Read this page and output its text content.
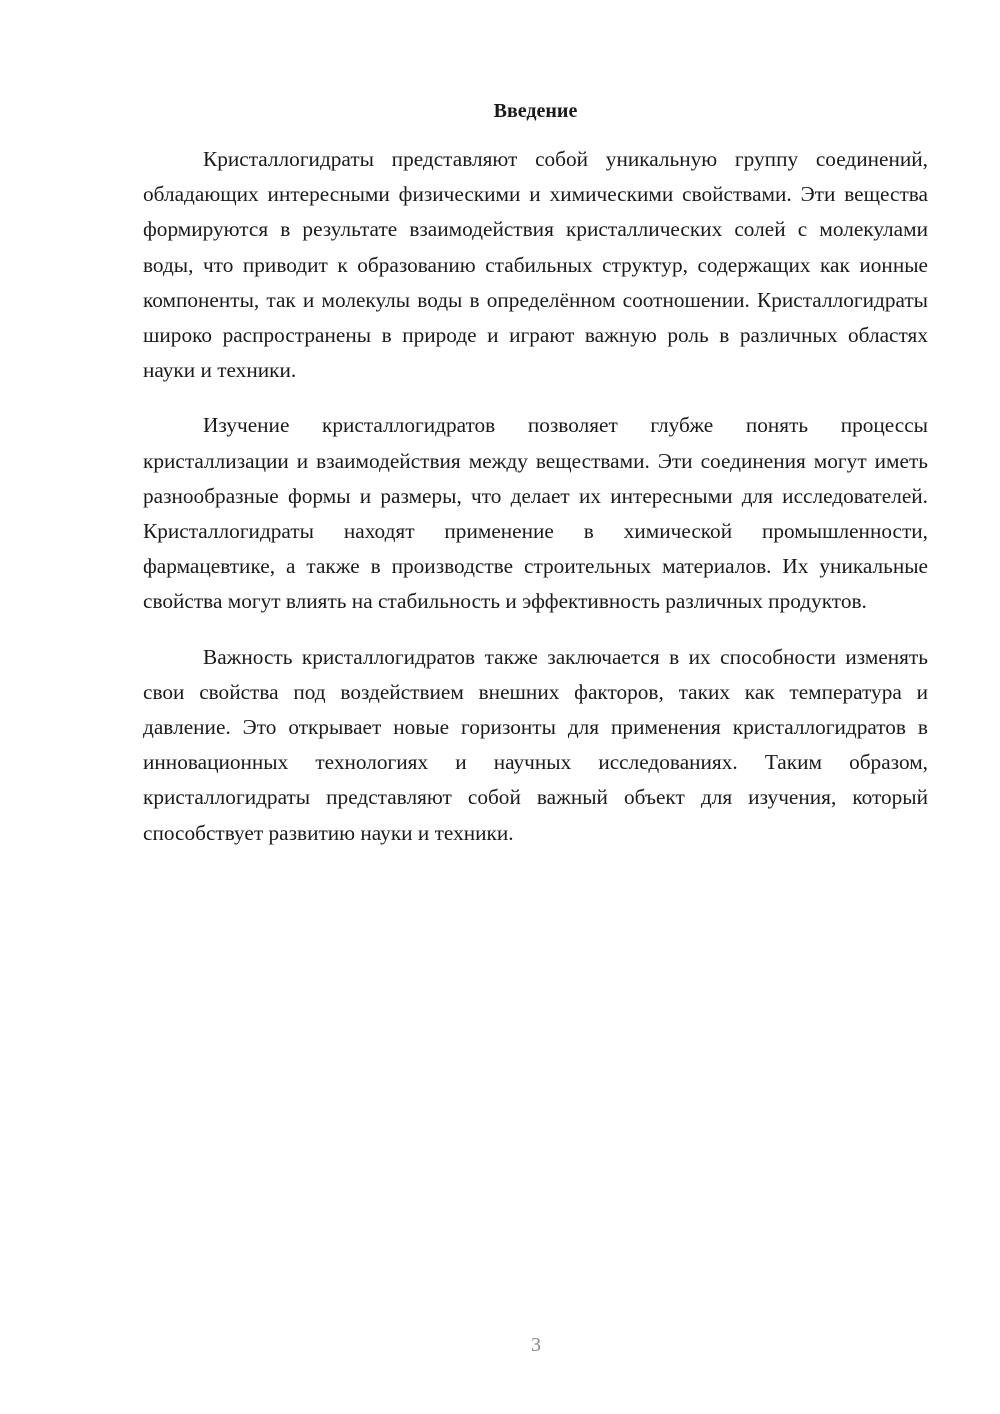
Введение

Кристаллогидраты представляют собой уникальную группу соединений, обладающих интересными физическими и химическими свойствами. Эти вещества формируются в результате взаимодействия кристаллических солей с молекулами воды, что приводит к образованию стабильных структур, содержащих как ионные компоненты, так и молекулы воды в определённом соотношении. Кристаллогидраты широко распространены в природе и играют важную роль в различных областях науки и техники.

Изучение кристаллогидратов позволяет глубже понять процессы кристаллизации и взаимодействия между веществами. Эти соединения могут иметь разнообразные формы и размеры, что делает их интересными для исследователей. Кристаллогидраты находят применение в химической промышленности, фармацевтике, а также в производстве строительных материалов. Их уникальные свойства могут влиять на стабильность и эффективность различных продуктов.

Важность кристаллогидратов также заключается в их способности изменять свои свойства под воздействием внешних факторов, таких как температура и давление. Это открывает новые горизонты для применения кристаллогидратов в инновационных технологиях и научных исследованиях. Таким образом, кристаллогидраты представляют собой важный объект для изучения, который способствует развитию науки и техники.

3
